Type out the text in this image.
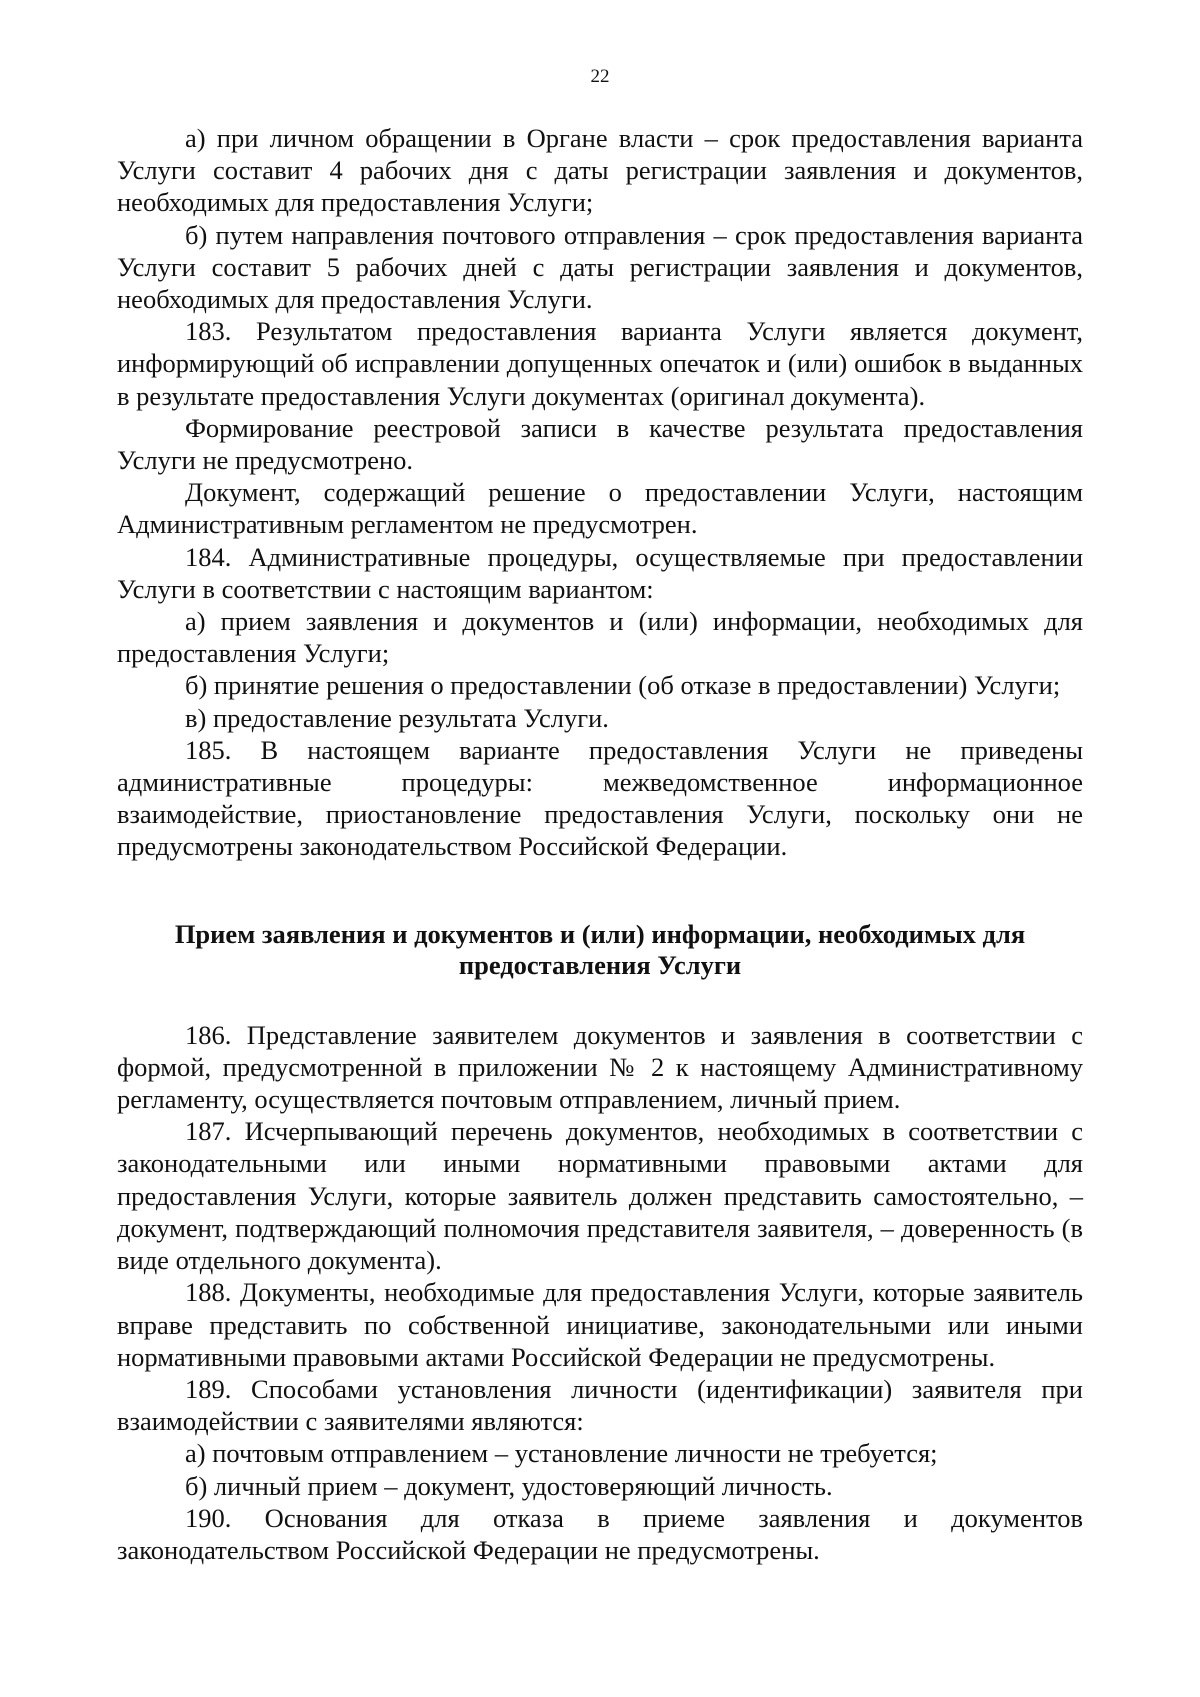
22

а) при личном обращении в Органе власти – срок предоставления варианта Услуги составит 4 рабочих дня с даты регистрации заявления и документов, необходимых для предоставления Услуги;

б) путем направления почтового отправления – срок предоставления варианта Услуги составит 5 рабочих дней с даты регистрации заявления и документов, необходимых для предоставления Услуги.

183. Результатом предоставления варианта Услуги является документ, информирующий об исправлении допущенных опечаток и (или) ошибок в выданных в результате предоставления Услуги документах (оригинал документа).

Формирование реестровой записи в качестве результата предоставления Услуги не предусмотрено.

Документ, содержащий решение о предоставлении Услуги, настоящим Административным регламентом не предусмотрен.

184. Административные процедуры, осуществляемые при предоставлении Услуги в соответствии с настоящим вариантом:

а) прием заявления и документов и (или) информации, необходимых для предоставления Услуги;

б) принятие решения о предоставлении (об отказе в предоставлении) Услуги;

в) предоставление результата Услуги.

185. В настоящем варианте предоставления Услуги не приведены административные процедуры: межведомственное информационное взаимодействие, приостановление предоставления Услуги, поскольку они не предусмотрены законодательством Российской Федерации.

Прием заявления и документов и (или) информации, необходимых для предоставления Услуги

186. Представление заявителем документов и заявления в соответствии с формой, предусмотренной в приложении № 2 к настоящему Административному регламенту, осуществляется почтовым отправлением, личный прием.

187. Исчерпывающий перечень документов, необходимых в соответствии с законодательными или иными нормативными правовыми актами для предоставления Услуги, которые заявитель должен представить самостоятельно, – документ, подтверждающий полномочия представителя заявителя, – доверенность (в виде отдельного документа).

188. Документы, необходимые для предоставления Услуги, которые заявитель вправе представить по собственной инициативе, законодательными или иными нормативными правовыми актами Российской Федерации не предусмотрены.

189. Способами установления личности (идентификации) заявителя при взаимодействии с заявителями являются:

а) почтовым отправлением – установление личности не требуется;

б) личный прием – документ, удостоверяющий личность.

190. Основания для отказа в приеме заявления и документов законодательством Российской Федерации не предусмотрены.
